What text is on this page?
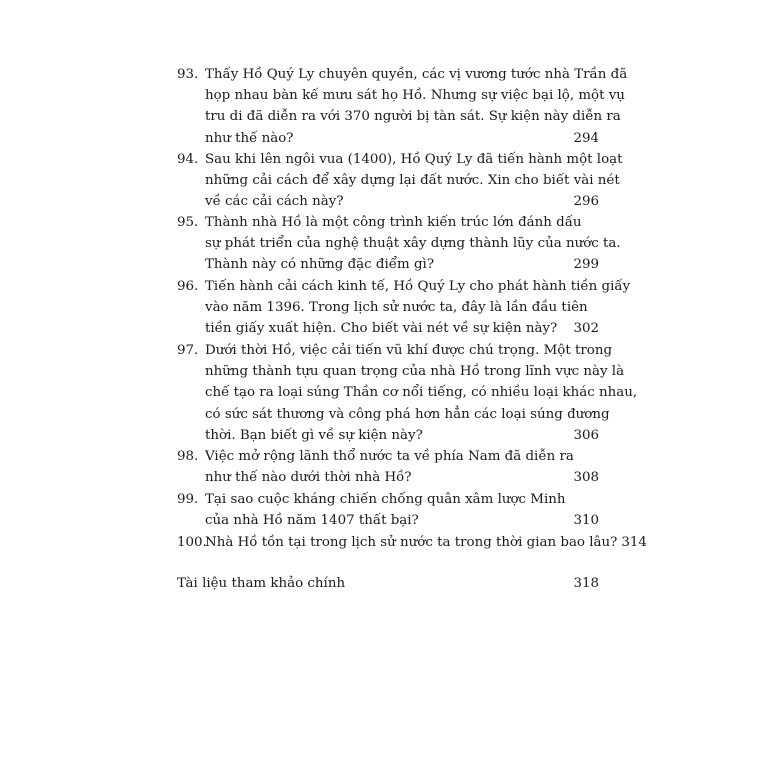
93. Thấy Hồ Quý Ly chuyên quyền, các vị vương tước nhà Trần đã
họp nhau bàn kế mưu sát họ Hồ. Nhưng sự việc bại lộ, một vụ
tru di đã diễn ra với 370 người bị tàn sát. Sự kiện này diễn ra
như thế nào?	294
94. Sau khi lên ngôi vua (1400), Hồ Quý Ly đã tiến hành một loạt
những cải cách để xây dựng lại đất nước. Xin cho biết vài nét
về các cải cách này?	296
95. Thành nhà Hồ là một công trình kiến trúc lớn đánh dấu
sự phát triển của nghệ thuật xây dựng thành lũy của nước ta.
Thành này có những đặc điểm gì?	299
96. Tiến hành cải cách kinh tế, Hồ Quý Ly cho phát hành tiền giấy
vào năm 1396. Trong lịch sử nước ta, đây là lần đầu tiên
tiền giấy xuất hiện. Cho biết vài nét về sự kiện này? 302
97. Dưới thời Hồ, việc cải tiến vũ khí được chú trọng. Một trong
những thành tựu quan trọng của nhà Hồ trong lĩnh vực này là
chế tạo ra loại súng Thần cơ nổi tiếng, có nhiều loại khác nhau,
có sức sát thương và công phá hơn hẳn các loại súng đương
thời. Bạn biết gì về sự kiện này?	306
98. Việc mở rộng lãnh thổ nước ta về phía Nam đã diễn ra
như thế nào dưới thời nhà Hồ?	308
99. Tại sao cuộc kháng chiến chống quân xâm lược Minh
của nhà Hồ năm 1407 thất bại?	310
100.
Nhà Hồ tồn tại trong lịch sử nước ta trong thời gian bao lâu? 314
Tài liệu tham khảo chính	318
